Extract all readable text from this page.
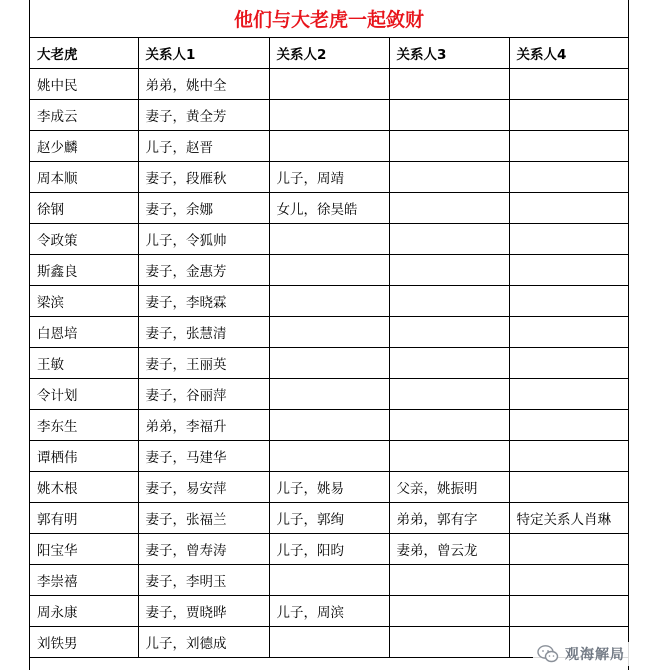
他们与大老虎一起敛财
大老虎	关系人1	关系人2	关系人3	关系人4
姚中民	弟弟，姚中全			
李成云	妻子，黄全芳			
赵少麟	儿子，赵晋			
周本顺	妻子，段雁秋	儿子，周靖		
徐钢	妻子，余娜	女儿，徐昊皓		
令政策	儿子，令狐帅			
斯鑫良	妻子，金惠芳			
梁滨	妻子，李晓霖			
白恩培	妻子，张慧清			
王敏	妻子，王丽英			
令计划	妻子，谷丽萍			
李东生	弟弟，李福升			
谭栖伟	妻子，马建华			
姚木根	妻子，易安萍	儿子，姚易	父亲，姚振明	
郭有明	妻子，张福兰	儿子，郭绚	弟弟，郭有字	特定关系人肖琳
阳宝华	妻子，曾寿涛	儿子，阳昀	妻弟，曾云龙	
李崇禧	妻子，李明玉			
周永康	妻子，贾晓晔	儿子，周滨		
刘铁男	儿子，刘德成			
观海解局
